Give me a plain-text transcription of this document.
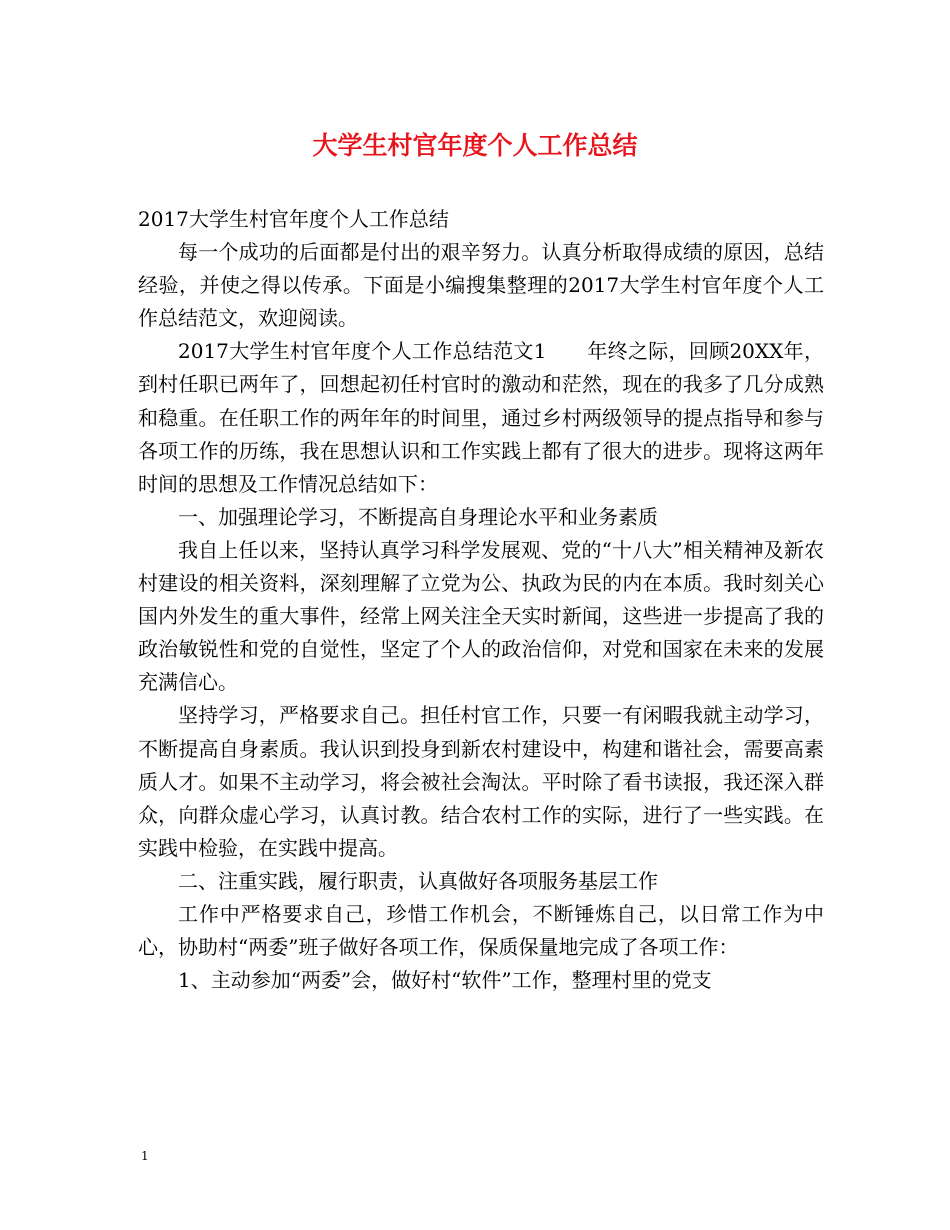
大学生村官年度个人工作总结

2017大学生村官年度个人工作总结

每一个成功的后面都是付出的艰辛努力。认真分析取得成绩的原因，总结经验，并使之得以传承。下面是小编搜集整理的2017大学生村官年度个人工作总结范文，欢迎阅读。

2017大学生村官年度个人工作总结范文1　　年终之际，回顾20XX年，到村任职已两年了，回想起初任村官时的激动和茫然，现在的我多了几分成熟和稳重。在任职工作的两年年的时间里，通过乡村两级领导的提点指导和参与各项工作的历练，我在思想认识和工作实践上都有了很大的进步。现将这两年时间的思想及工作情况总结如下：

一、加强理论学习，不断提高自身理论水平和业务素质

我自上任以来，坚持认真学习科学发展观、党的“十八大”相关精神及新农村建设的相关资料，深刻理解了立党为公、执政为民的内在本质。我时刻关心国内外发生的重大事件，经常上网关注全天实时新闻，这些进一步提高了我的政治敏锐性和党的自觉性，坚定了个人的政治信仰，对党和国家在未来的发展充满信心。

坚持学习，严格要求自己。担任村官工作，只要一有闲暇我就主动学习，不断提高自身素质。我认识到投身到新农村建设中，构建和谐社会，需要高素质人才。如果不主动学习，将会被社会淘汰。平时除了看书读报，我还深入群众，向群众虚心学习，认真讨教。结合农村工作的实际，进行了一些实践。在实践中检验，在实践中提高。

二、注重实践，履行职责，认真做好各项服务基层工作

工作中严格要求自己，珍惜工作机会，不断锤炼自己，以日常工作为中心，协助村“两委”班子做好各项工作，保质保量地完成了各项工作：

1、主动参加“两委”会，做好村“软件”工作，整理村里的党支

1
